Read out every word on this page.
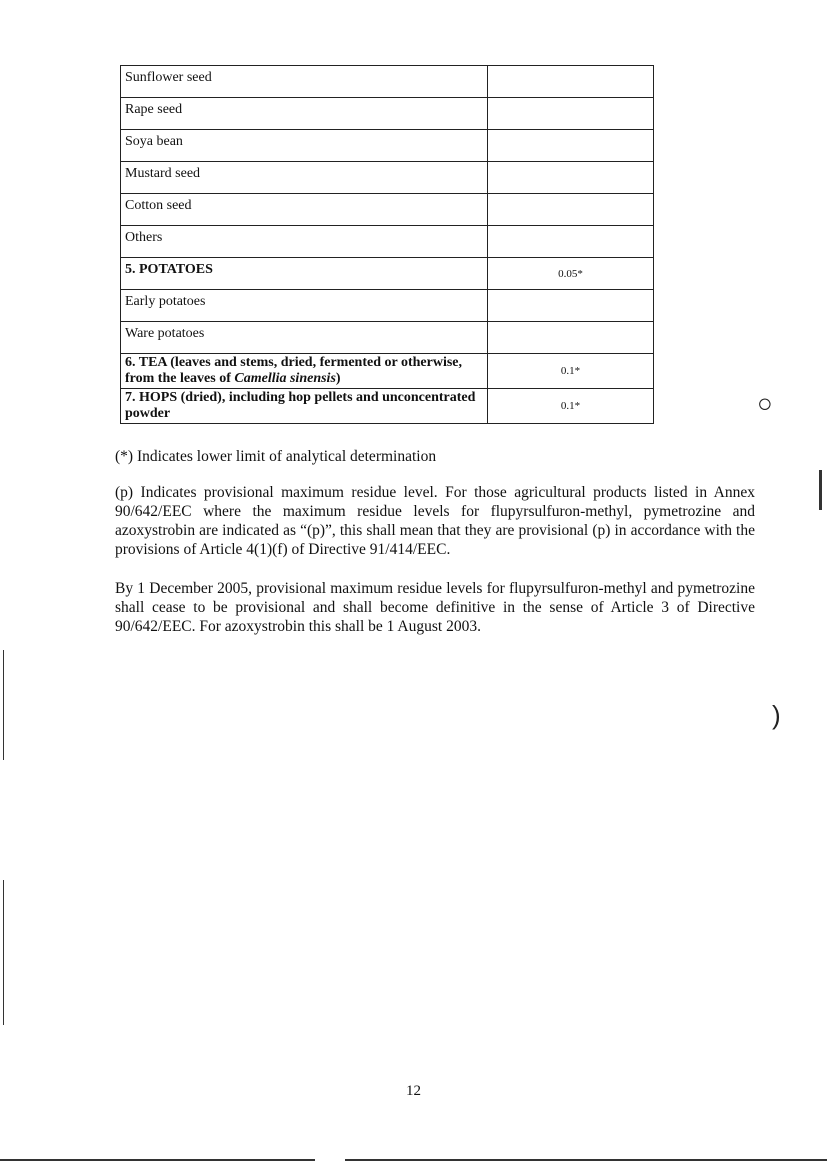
○
)
Sunflower seed	
Rape seed	
Soya bean	
Mustard seed	
Cotton seed	
Others	
5. POTATOES	0.05*
Early potatoes	
Ware potatoes	
6. TEA (leaves and stems, dried, fermented or otherwise, from the leaves of Camellia sinensis)	0.1*
7. HOPS (dried), including hop pellets and unconcentrated powder	0.1*

(*) Indicates lower limit of analytical determination

(p) Indicates provisional maximum residue level. For those agricultural products listed in Annex 90/642/EEC where the maximum residue levels for flupyrsulfuron-methyl, pymetrozine and azoxystrobin are indicated as “(p)”, this shall mean that they are provisional (p) in accordance with the provisions of Article 4(1)(f) of Directive 91/414/EEC.

By 1 December 2005, provisional maximum residue levels for flupyrsulfuron-methyl and pymetrozine shall cease to be provisional and shall become definitive in the sense of Article 3 of Directive 90/642/EEC. For azoxystrobin this shall be 1 August 2003.

12
